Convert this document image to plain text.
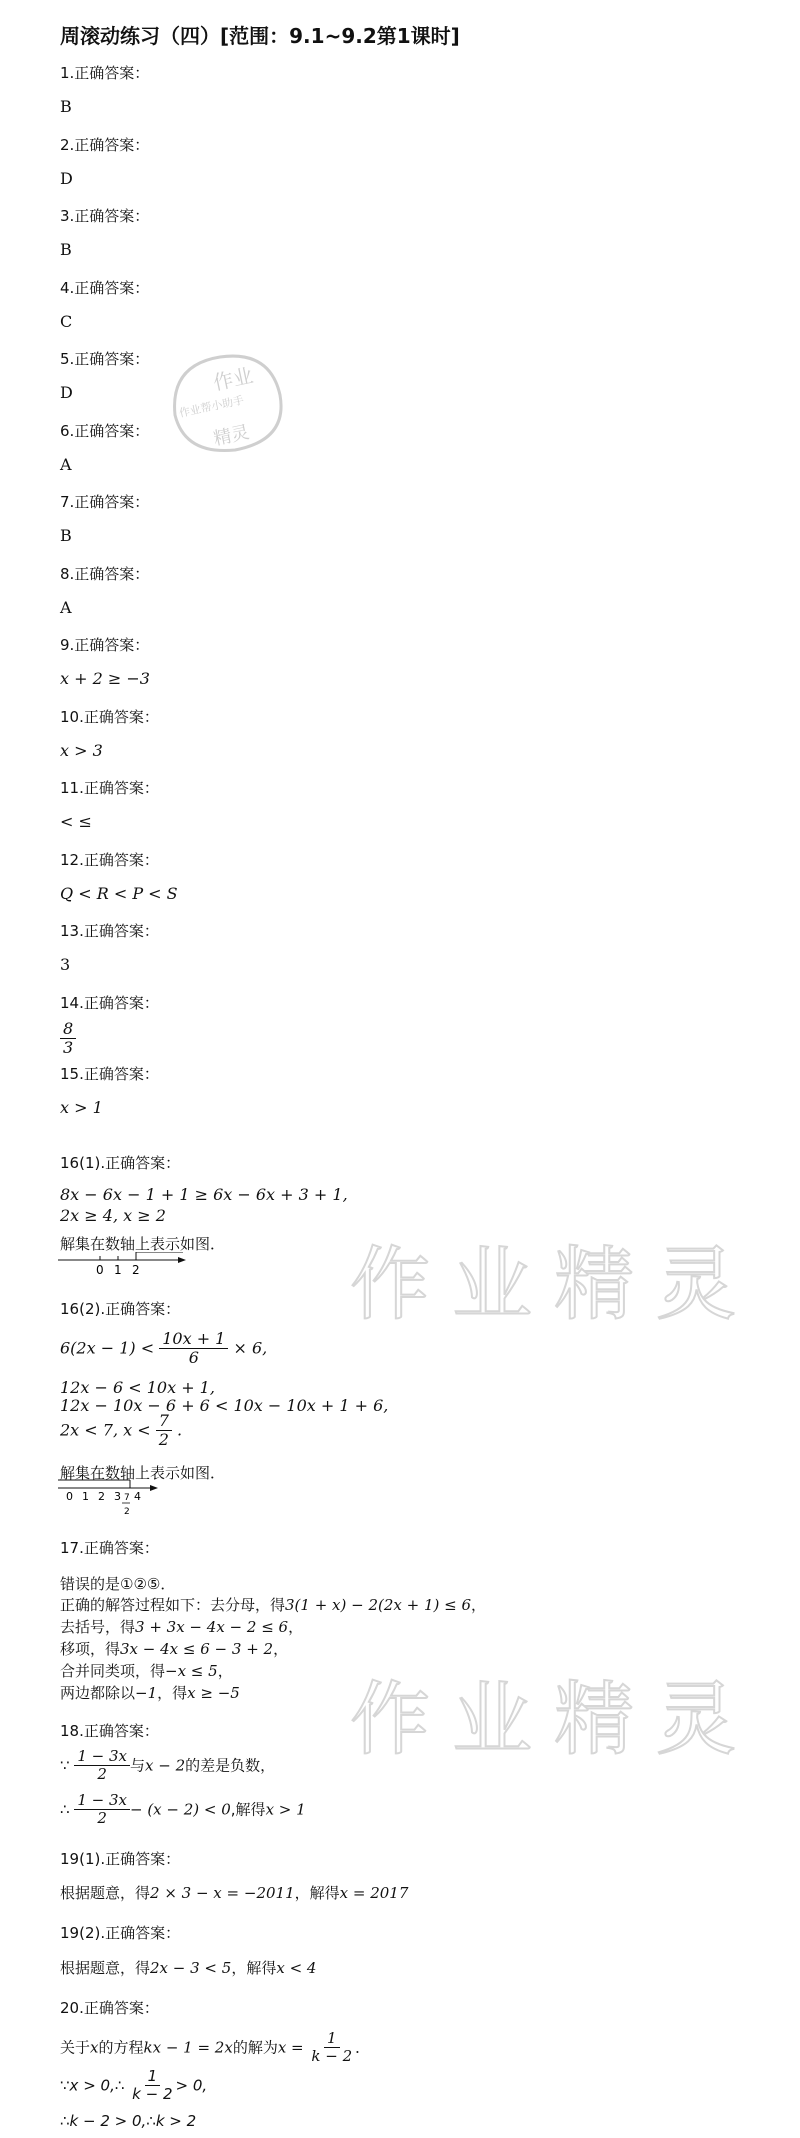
周滚动练习（四）[范围：9.1~9.2第1课时]
作业
作业帮小助手
精灵
1.正确答案：
B
2.正确答案：
D
3.正确答案：
B
4.正确答案：
C
5.正确答案：
D
6.正确答案：
A
7.正确答案：
B
8.正确答案：
A
9.正确答案：
x + 2 ≥ −3
10.正确答案：
x > 3
11.正确答案：
< ≤
12.正确答案：
Q < R < P < S
13.正确答案：
3
14.正确答案：
$\frac{8}{3}$
15.正确答案：
x > 1
16(1).正确答案：
8x − 6x − 1 + 1 ≥ 6x − 6x + 3 + 1,
2x ≥ 4, x ≥ 2
解集在数轴上表示如图．
0 1 2	作业精灵
16(2).正确答案：
$6(2x - 1) < \frac{10x + 1}{6} \times 6$,
12x − 6 < 10x + 1,
12x − 10x − 6 + 6 < 10x − 10x + 1 + 6,
2x < 7, $x < \frac{7}{2}$ .
解集在数轴上表示如图．
0 1 2 3 4
7
2
17.正确答案：
错误的是①②⑤．
正确的解答过程如下：去分母，得3(1 + x) − 2(2x + 1) ≤ 6，
去括号，得3 + 3x − 4x − 2 ≤ 6，
移项，得3x − 4x ≤ 6 − 3 + 2，
合并同类项，得−x ≤ 5，
两边都除以−1，得x ≥ −5 作业精灵
18.正确答案：
∵ $\frac{1 - 3x}{2}$ 与x − 2的差是负数，
∴ $\frac{1 - 3x}{2} - (x - 2) < 0$,解得x > 1
19(1).正确答案：
根据题意，得2 × 3 − x = −2011，解得x = 2017
19(2).正确答案：
根据题意，得2x − 3 < 5，解得x < 4
20.正确答案：
关于x的方程kx − 1 = 2x的解为$x = \frac{1}{k - 2}$ ．
∵x > 0,∴ $\frac{1}{k - 2} > 0$,
∴k − 2 > 0,∴k > 2
